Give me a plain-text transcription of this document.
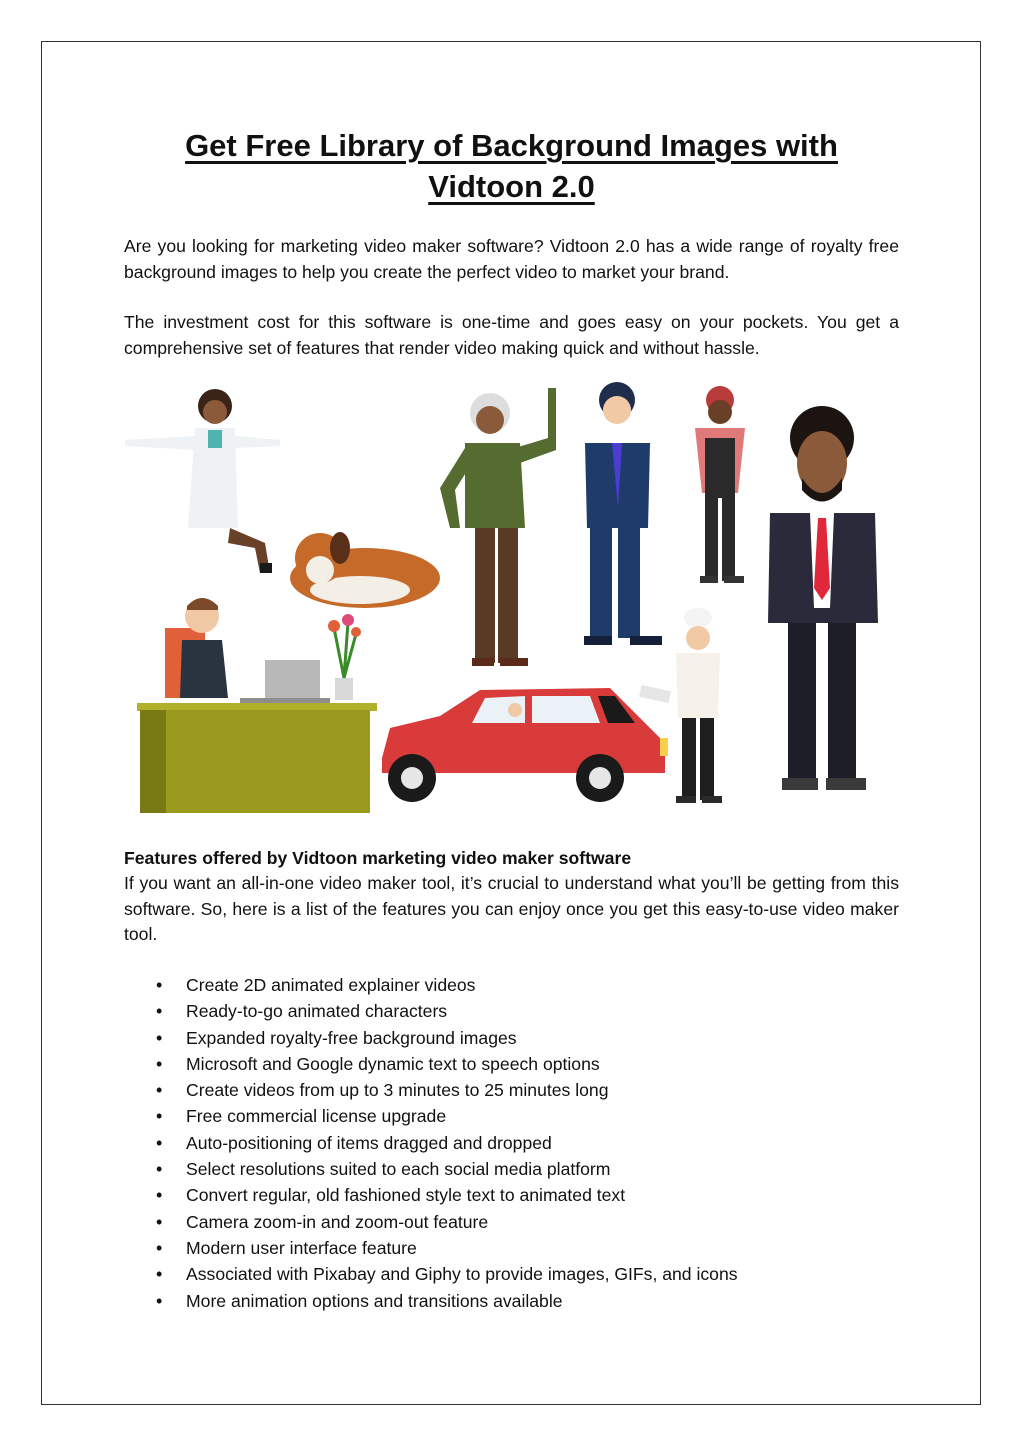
Get Free Library of Background Images with Vidtoon 2.0

Are you looking for marketing video maker software? Vidtoon 2.0 has a wide range of royalty free background images to help you create the perfect video to market your brand.

The investment cost for this software is one-time and goes easy on your pockets. You get a comprehensive set of features that render video making quick and without hassle.

Features offered by Vidtoon marketing video maker software

If you want an all-in-one video maker tool, it’s crucial to understand what you’ll be getting from this software. So, here is a list of the features you can enjoy once you get this easy-to-use video maker tool.

• Create 2D animated explainer videos
• Ready-to-go animated characters
• Expanded royalty-free background images
• Microsoft and Google dynamic text to speech options
• Create videos from up to 3 minutes to 25 minutes long
• Free commercial license upgrade
• Auto-positioning of items dragged and dropped
• Select resolutions suited to each social media platform
• Convert regular, old fashioned style text to animated text
• Camera zoom-in and zoom-out feature
• Modern user interface feature
• Associated with Pixabay and Giphy to provide images, GIFs, and icons
• More animation options and transitions available
